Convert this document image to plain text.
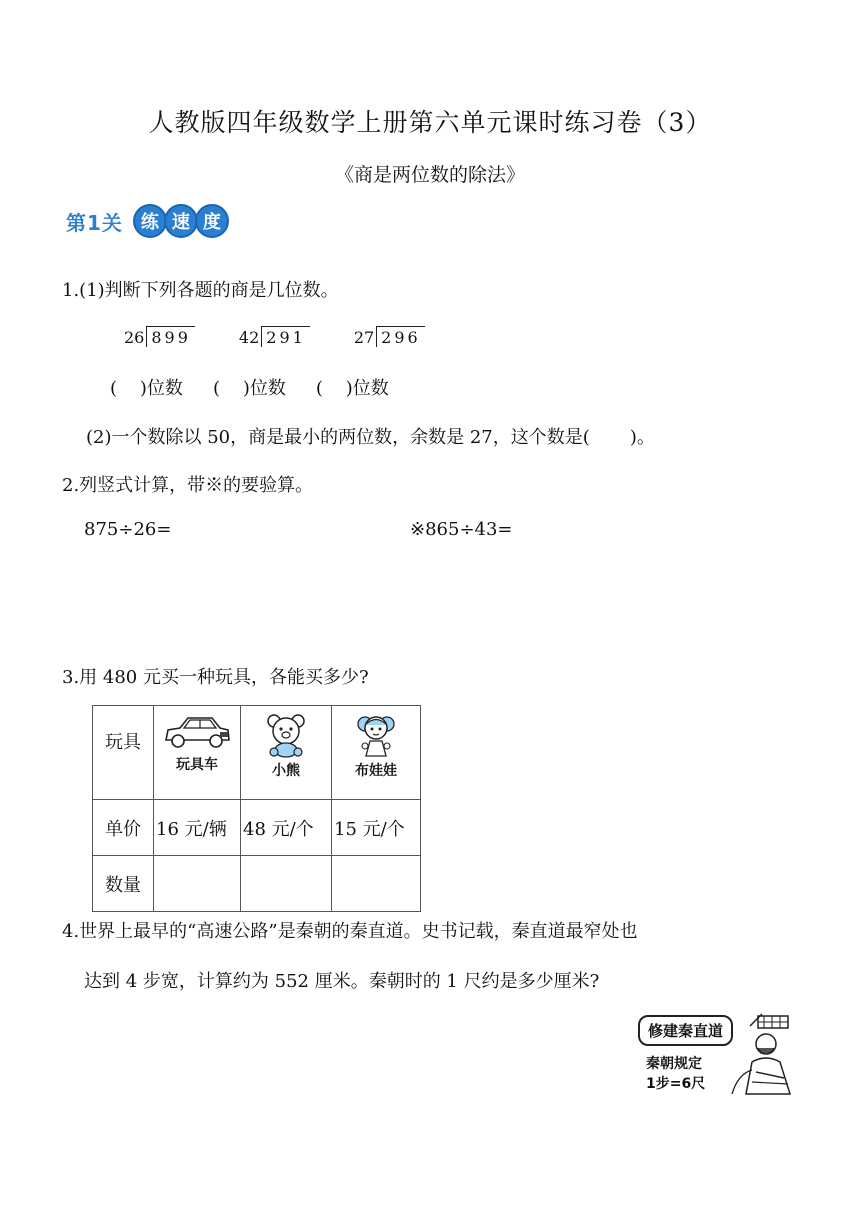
人教版四年级数学上册第六单元课时练习卷（3）
《商是两位数的除法》
第1关	练 速 度
1.(1)判断下列各题的商是几位数。
26 899	42 291	27 296
(    )位数 (    )位数 (    )位数
(2)一个数除以 50，商是最小的两位数，余数是 27，这个数是(       )。
2.列竖式计算，带※的要验算。
875÷26=	※865÷43=
3.用 480 元买一种玩具，各能买多少?
玩具	玩具车	小熊	布娃娃

单价	16 元/辆	48 元/个	15 元/个
数量			
4.世界上最早的“高速公路”是秦朝的秦直道。史书记载，秦直道最窄处也
达到 4 步宽，计算约为 552 厘米。秦朝时的 1 尺约是多少厘米?
修建秦直道
秦朝规定
1步=6尺
